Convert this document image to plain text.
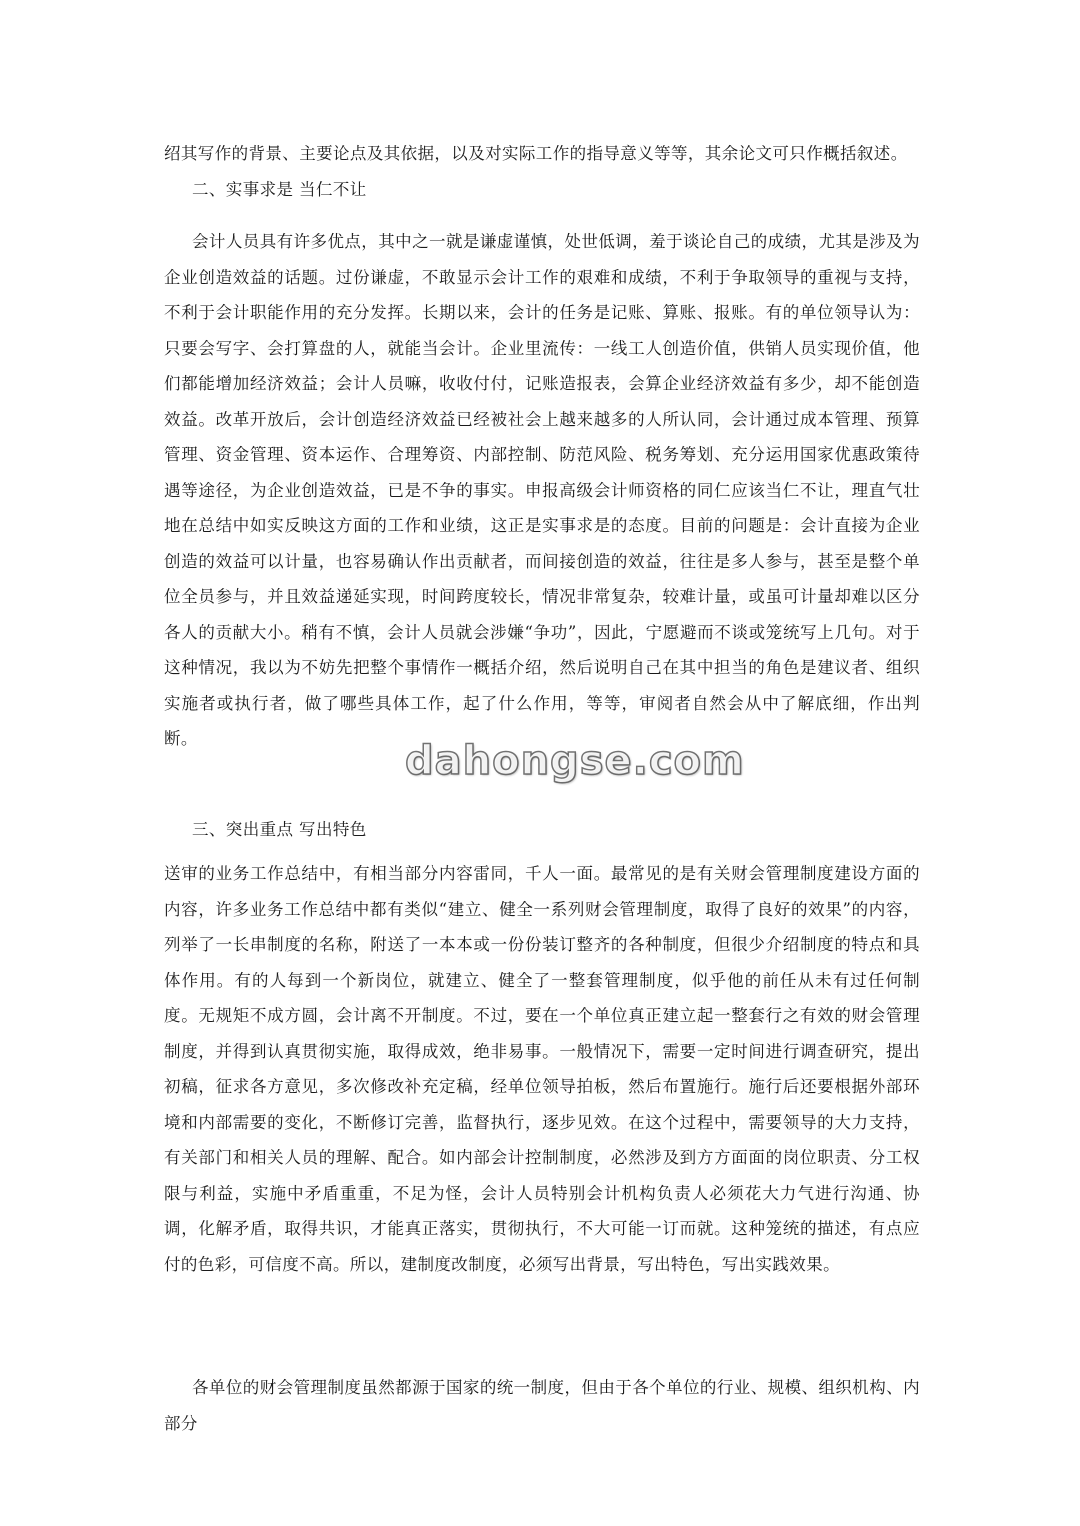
绍其写作的背景、主要论点及其依据，以及对实际工作的指导意义等等，其余论文可只作概括叙述。
二、实事求是 当仁不让
会计人员具有许多优点，其中之一就是谦虚谨慎，处世低调，羞于谈论自己的成绩，尤其是涉及为企业创造效益的话题。过份谦虚，不敢显示会计工作的艰难和成绩，不利于争取领导的重视与支持，不利于会计职能作用的充分发挥。长期以来，会计的任务是记账、算账、报账。有的单位领导认为：只要会写字、会打算盘的人，就能当会计。企业里流传：一线工人创造价值，供销人员实现价值，他们都能增加经济效益；会计人员嘛，收收付付，记账造报表，会算企业经济效益有多少，却不能创造效益。改革开放后，会计创造经济效益已经被社会上越来越多的人所认同，会计通过成本管理、预算管理、资金管理、资本运作、合理筹资、内部控制、防范风险、税务筹划、充分运用国家优惠政策待遇等途径，为企业创造效益，已是不争的事实。申报高级会计师资格的同仁应该当仁不让，理直气壮地在总结中如实反映这方面的工作和业绩，这正是实事求是的态度。目前的问题是：会计直接为企业创造的效益可以计量，也容易确认作出贡献者，而间接创造的效益，往往是多人参与，甚至是整个单位全员参与，并且效益递延实现，时间跨度较长，情况非常复杂，较难计量，或虽可计量却难以区分各人的贡献大小。稍有不慎，会计人员就会涉嫌“争功”，因此，宁愿避而不谈或笼统写上几句。对于这种情况，我以为不妨先把整个事情作一概括介绍，然后说明自己在其中担当的角色是建议者、组织实施者或执行者，做了哪些具体工作，起了什么作用，等等，审阅者自然会从中了解底细，作出判断。
三、突出重点 写出特色
送审的业务工作总结中，有相当部分内容雷同，千人一面。最常见的是有关财会管理制度建设方面的内容，许多业务工作总结中都有类似“建立、健全一系列财会管理制度，取得了良好的效果”的内容，列举了一长串制度的名称，附送了一本本或一份份装订整齐的各种制度，但很少介绍制度的特点和具体作用。有的人每到一个新岗位，就建立、健全了一整套管理制度，似乎他的前任从未有过任何制度。无规矩不成方圆，会计离不开制度。不过，要在一个单位真正建立起一整套行之有效的财会管理制度，并得到认真贯彻实施，取得成效，绝非易事。一般情况下，需要一定时间进行调查研究，提出初稿，征求各方意见，多次修改补充定稿，经单位领导拍板，然后布置施行。施行后还要根据外部环境和内部需要的变化，不断修订完善，监督执行，逐步见效。在这个过程中，需要领导的大力支持，有关部门和相关人员的理解、配合。如内部会计控制制度，必然涉及到方方面面的岗位职责、分工权限与利益，实施中矛盾重重，不足为怪，会计人员特别会计机构负责人必须花大力气进行沟通、协调，化解矛盾，取得共识，才能真正落实，贯彻执行，不大可能一订而就。这种笼统的描述，有点应付的色彩，可信度不高。所以，建制度改制度，必须写出背景，写出特色，写出实践效果。
各单位的财会管理制度虽然都源于国家的统一制度，但由于各个单位的行业、规模、组织机构、内部分
dahongse.com
